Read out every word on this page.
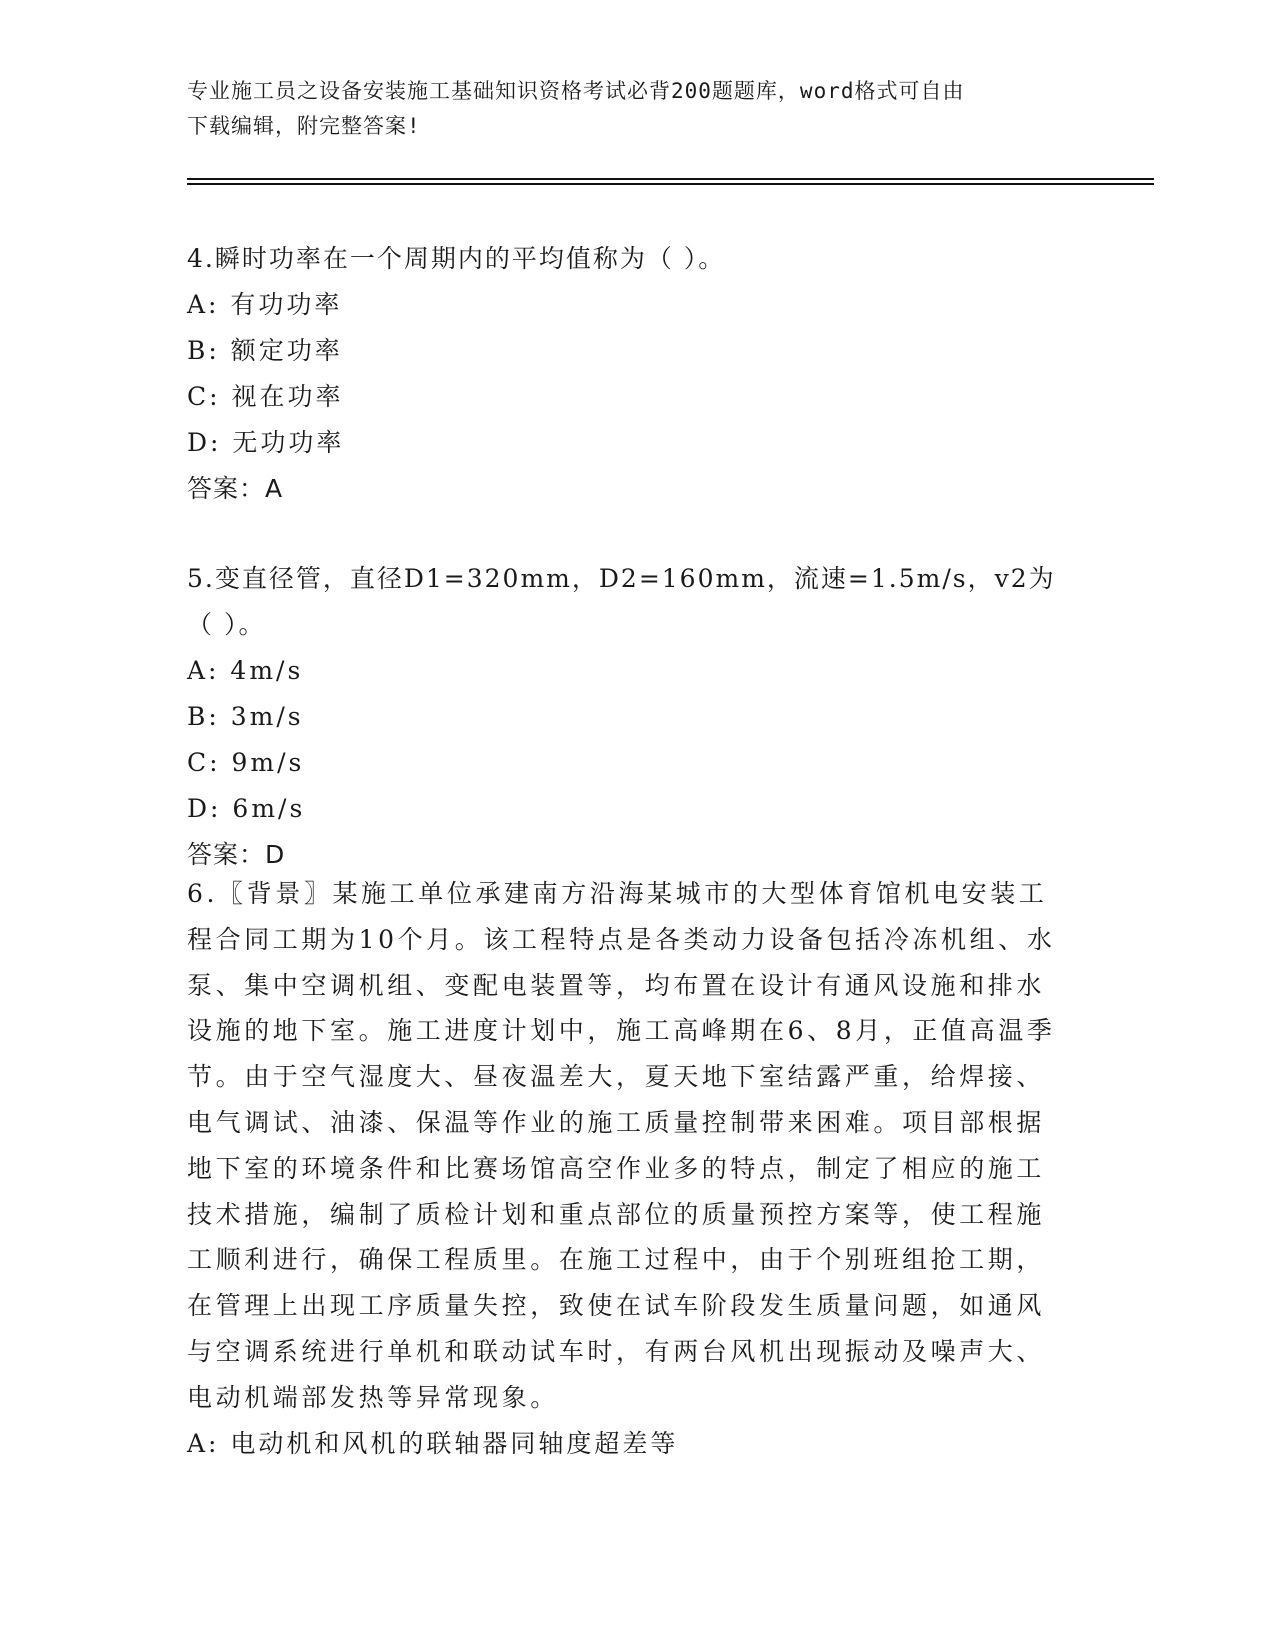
专业施工员之设备安装施工基础知识资格考试必背200题题库，word格式可自由
下载编辑，附完整答案!
4.瞬时功率在一个周期内的平均值称为（ ）。
A: 有功功率
B: 额定功率
C: 视在功率
D: 无功功率
答案：A
5.变直径管，直径D1=320mm，D2=160mm，流速=1.5m/s，v2为（ ）。
A: 4m/s
B: 3m/s
C: 9m/s
D: 6m/s
答案：D
6.〖背景〗某施工单位承建南方沿海某城市的大型体育馆机电安装工
程合同工期为10个月。该工程特点是各类动力设备包括冷冻机组、水
泵、集中空调机组、变配电装置等，均布置在设计有通风设施和排水
设施的地下室。施工进度计划中，施工高峰期在6、8月，正值高温季
节。由于空气湿度大、昼夜温差大，夏天地下室结露严重，给焊接、
电气调试、油漆、保温等作业的施工质量控制带来困难。项目部根据
地下室的环境条件和比赛场馆高空作业多的特点，制定了相应的施工
技术措施，编制了质检计划和重点部位的质量预控方案等，使工程施
工顺利进行，确保工程质里。在施工过程中，由于个别班组抢工期，
在管理上出现工序质量失控，致使在试车阶段发生质量问题，如通风
与空调系统进行单机和联动试车时，有两台风机出现振动及噪声大、
电动机端部发热等异常现象。
A: 电动机和风机的联轴器同轴度超差等
